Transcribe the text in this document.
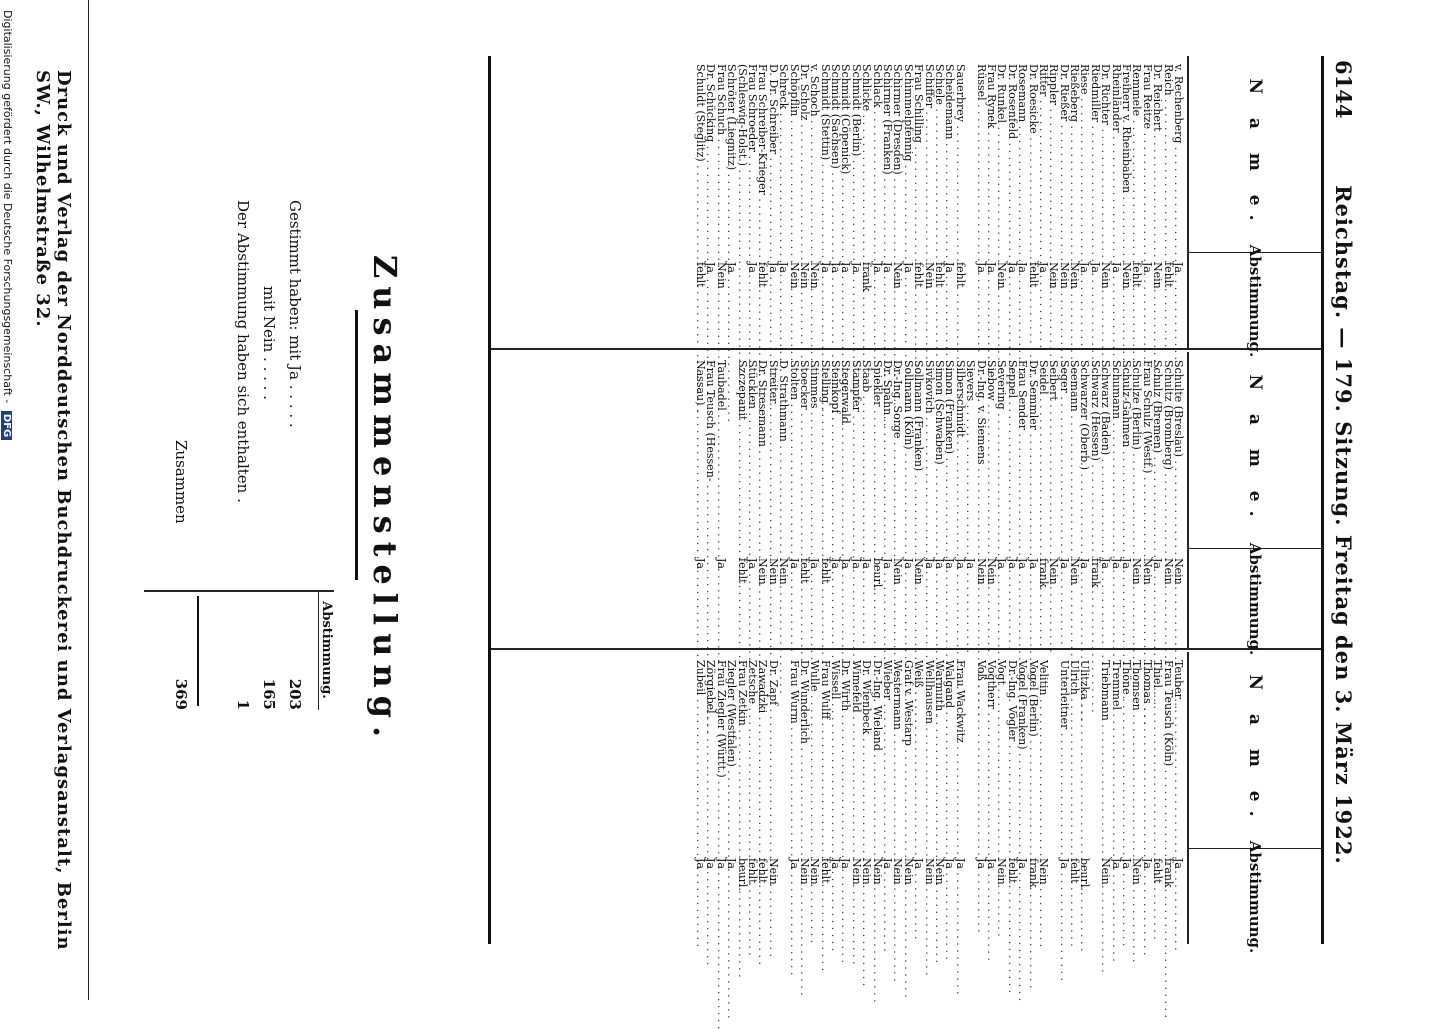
6144
Reichstag. — 179. Sitzung. Freitag den 3. März 1922.
N a m e.
Abstimmung.
v. Rechenberg . . .
Ja
Reich . . .
fehlt
Dr. Reichert . . .
Nein
Frau Reitze . . .
Ja
Remmele . . .
fehlt
Freiherr v. Rheinbaben . . .
Nein
Rheinländer . . .
Ja
Dr. Richter . . .
Nein
Riedmiller . . .
Ja
Riese . . .
Ja
Rießeberg . . .
Nein
Dr. Rießer . . .
Nein
Rippler . . .
Nein
Ritter . . .
Ja
Dr. Roesicke . . .
fehlt
Rosemann . . .
Ja
Dr. Rosenfeld . . .
Ja
Dr. Runkel . . .
Nein
Frau Rynek . . .
Ja
Rüssel . . .
Ja
Sauerbrey . . .
fehlt
Scheidemann . . .
Ja
Schiele . . .
fehlt
Schiffer . . .
Nein
Frau Schilling . . .
fehlt
Schimmelpfennig . . .
Ja
Schirmer (Dresden) . . .
Nein
Schirmer (Franken) . . .
Ja
Schlack . . .
Ja
Schlicke . . .
frank
Schmidt (Berlin) . . .
Ja
Schmidt (Cöpenick) . . .
Ja
Schmidt (Sachsen) . . .
Ja
Schmidt (Stettin) . . .
Ja
v. Schoch . . .
Nein
Dr. Scholz . . .
Nein
Schöpflin . . .
Nein
Schreck . . .
Ja
D. Dr. Schreiber . . .
Ja
Frau Schreiber-Krieger . . .
fehlt
Frau Schroeder . . .
Ja
(Schleswig-Holst.) . . .
Schröter (Liegnitz) . . .
Ja
Frau Schuch . . .
Nein
Dr. Schücking . . .
Ja
Schuldt (Steglitz) . . .
fehlt
N a m e.
Abstimmung.
Schulte (Breslau) . . .
Nein
Schultz (Bromberg) . . .
Nein
Schulz (Bremen) . . .
Ja
Frau Schulz (Westf.) . . .
Nein
Schulze (Berlin) . . .
Nein
Schulz-Gahmen . . .
Ja
Schumann . . .
Ja
Schwarz (Baden) . . .
Ja
Schwarz (Hessen) . . .
frank
Schwarzer (Oberb.) . . .
Ja
Seemann . . .
Nein
Seger . . .
Ja
Seibert . . .
Nein
Seidel . . .
frank
Dr. Semmler . . .
Ja
Frau Sender . . .
Ja
Seppel . . .
Ja
Severing . . .
Ja
Siebow . . .
Nein
Dr.-Ing. v. Siemens . . .
Nein
Sievers . . .
Ja
Silberschmidt . . .
Ja
Simon (Franken) . . .
Ja
Simon (Schwaben) . . .
Ja
Sivkovich . . .
Ja
Sollmann (Franken) . . .
Nein
Sollmann (Köln) . . .
Ja
Dr.-Ing. Sorge . . .
Nein
Dr. Spahn . . .
Ja
Spiekler . . .
beurl.
Staab . . .
Ja
Stampfer . . .
Ja
Stegerwald . . .
Ja
Steinkopf . . .
Ja
Stelling . . .
fehlt
Stimmes . . .
Ja
Stoecker . . .
fehlt
Stolten . . .
Ja
D. Strathmann . . .
Nein
Streiter . . .
Nein
Dr. Stresemann . . .
Nein
Stücklen . . .
Ja
Szczepanit . . .
fehlt
Taubadel . . .
Ja
Frau Teusch (Hessen- . . .
Nassau) . . .
Ja
N a m e.
Abstimmung.
Teuber . . .
Ja
Frau Teusch (Köln) . . .
frank
Thiel . . .
fehlt
Thomas . . .
Ja
Thomsen . . .
Nein
Thöne . . .
Ja
Tremmel . . .
Ja
Triebmann . . .
Nein
Ulitzka . . .
beurl.
Ulrich . . .
fehlt
Unterleitner . . .
Ja
Velitin . . .
Nein
Vogel (Berlin) . . .
frank
Vogel (Franken) . . .
Ja
Dr.-Ing. Vögler . . .
fehlt
Vogt . . .
Nein
Vogtherr . . .
Ja
Voß . . .
Ja
Frau Wackwitz . . .
Ja
Walgand . . .
Ja
Warmuth . . .
Nein
Wellhausen . . .
Nein
Weiß . . .
Ja
Graf v. Westarp . . .
Nein
Westermann . . .
Nein
Wieber . . .
Ja
Dr.-Ing. Wieland . . .
Nein
Dr. Wienbeck . . .
Nein
Wimefeld . . .
Nein
Dr. Wirth . . .
Ja
Wissell . . .
Ja
Frau Wulff . . .
fehlt
Wulle . . .
Nein
Dr. Wunderlich . . .
Nein
Frau Wurm . . .
Ja
Dr. Zapf . . .
Nein
Zawadzki . . .
fehlt
Zetsche . . .
fehlt
Frau Zetkin . . .
beurl.
Ziegler (Westfalen) . . .
Ja
Frau Ziegler (Württ.) . . .
Ja
Zörgiebel . . .
Ja
Zubeil . . .
Ja
Zusammenstellung.
Abstimmung.
Gestimmt haben: mit Ja . . . . .
203
mit Nein . . . . .
165
Der Abstimmung haben sich enthalten .
1
Zusammen
369
Druck und Verlag der Norddeutschen Buchdruckerei und Verlagsanstalt, Berlin SW., Wilhelmstraße 32.
Digitalisierung gefördert durch die Deutsche Forschungsgemeinschaft - DFG
